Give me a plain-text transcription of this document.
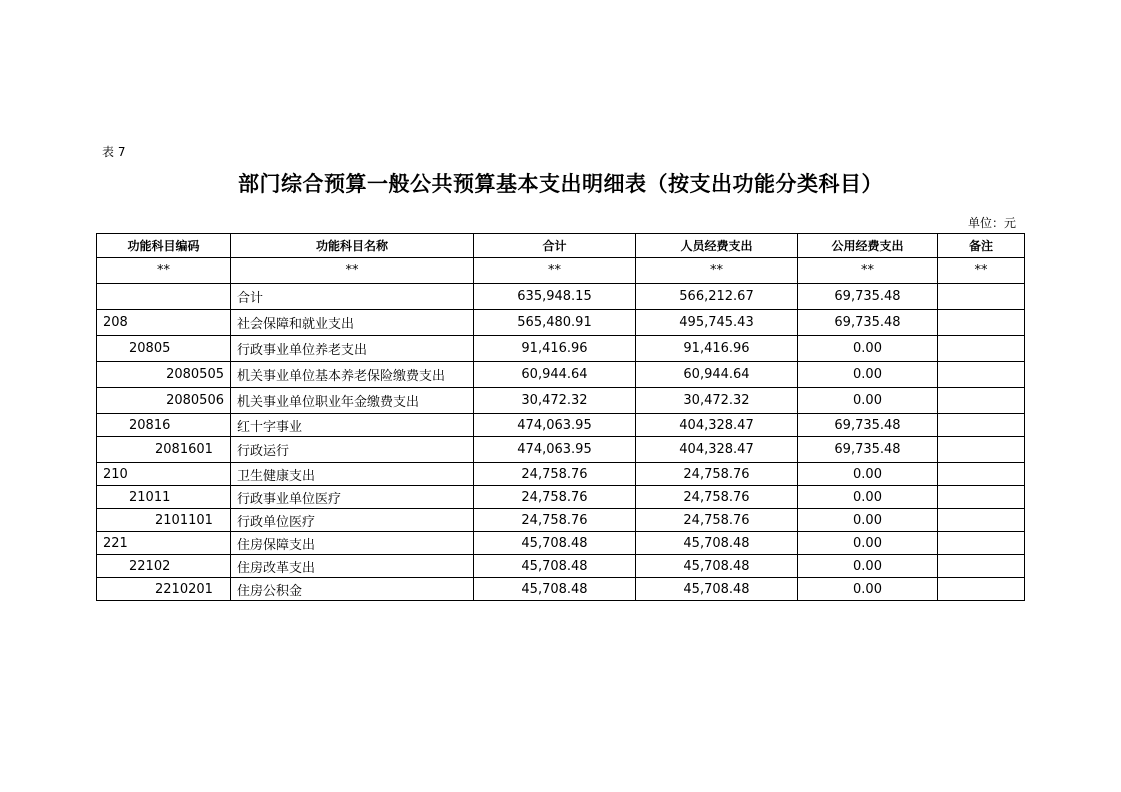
表 7
部门综合预算一般公共预算基本支出明细表（按支出功能分类科目）
单位：元
功能科目编码	功能科目名称	合计	人员经费支出	公用经费支出	备注
**	**	**	**	**	**
	合计	635,948.15	566,212.67	69,735.48	
208	社会保障和就业支出	565,480.91	495,745.43	69,735.48	
20805	行政事业单位养老支出	91,416.96	91,416.96	0.00	
2080505	机关事业单位基本养老保险缴费支出	60,944.64	60,944.64	0.00	
2080506	机关事业单位职业年金缴费支出	30,472.32	30,472.32	0.00	
20816	红十字事业	474,063.95	404,328.47	69,735.48	
2081601	行政运行	474,063.95	404,328.47	69,735.48	
210	卫生健康支出	24,758.76	24,758.76	0.00	
21011	行政事业单位医疗	24,758.76	24,758.76	0.00	
2101101	行政单位医疗	24,758.76	24,758.76	0.00	
221	住房保障支出	45,708.48	45,708.48	0.00	
22102	住房改革支出	45,708.48	45,708.48	0.00	
2210201	住房公积金	45,708.48	45,708.48	0.00	
